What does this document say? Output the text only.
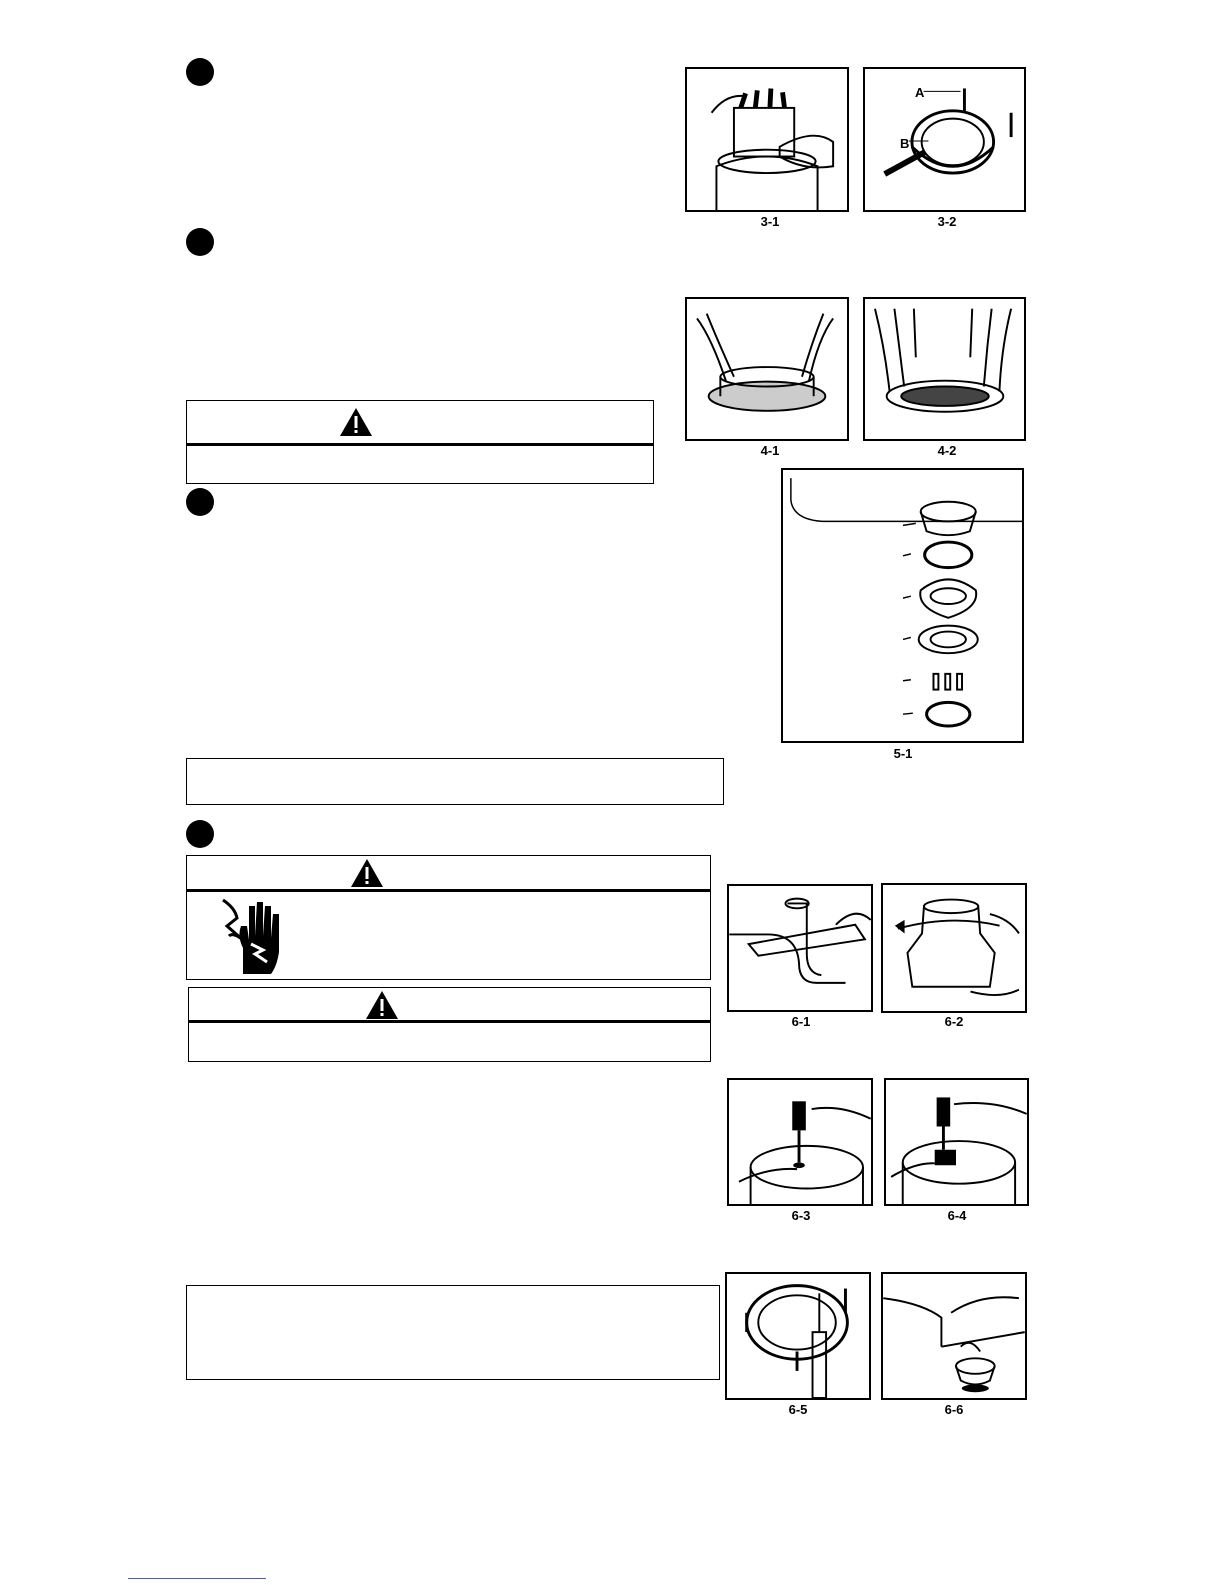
3-1
A
B
3-2
4-1	4-2
5-1
6-1	6-2
6-3	6-4
6-5	6-6
